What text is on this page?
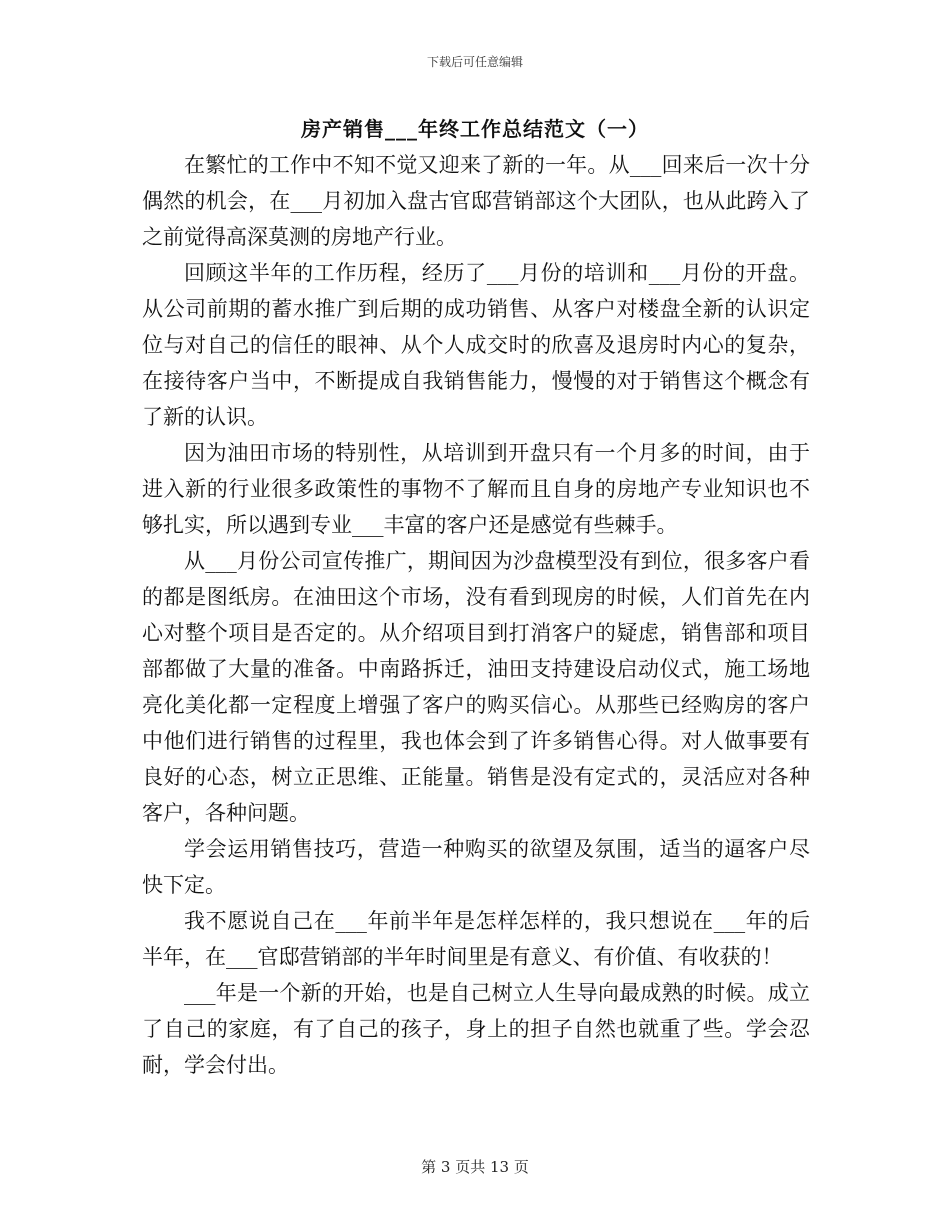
下载后可任意编辑
房产销售___年终工作总结范文（一）

在繁忙的工作中不知不觉又迎来了新的一年。从___回来后一次十分偶然的机会，在___月初加入盘古官邸营销部这个大团队，也从此跨入了之前觉得高深莫测的房地产行业。

回顾这半年的工作历程，经历了___月份的培训和___月份的开盘。从公司前期的蓄水推广到后期的成功销售、从客户对楼盘全新的认识定位与对自己的信任的眼神、从个人成交时的欣喜及退房时内心的复杂，在接待客户当中，不断提成自我销售能力，慢慢的对于销售这个概念有了新的认识。

因为油田市场的特别性，从培训到开盘只有一个月多的时间，由于进入新的行业很多政策性的事物不了解而且自身的房地产专业知识也不够扎实，所以遇到专业___丰富的客户还是感觉有些棘手。

从___月份公司宣传推广，期间因为沙盘模型没有到位，很多客户看的都是图纸房。在油田这个市场，没有看到现房的时候，人们首先在内心对整个项目是否定的。从介绍项目到打消客户的疑虑，销售部和项目部都做了大量的准备。中南路拆迁，油田支持建设启动仪式，施工场地亮化美化都一定程度上增强了客户的购买信心。从那些已经购房的客户中他们进行销售的过程里，我也体会到了许多销售心得。对人做事要有良好的心态，树立正思维、正能量。销售是没有定式的，灵活应对各种客户，各种问题。

学会运用销售技巧，营造一种购买的欲望及氛围，适当的逼客户尽快下定。

我不愿说自己在___年前半年是怎样怎样的，我只想说在___年的后半年，在___官邸营销部的半年时间里是有意义、有价值、有收获的！

___年是一个新的开始，也是自己树立人生导向最成熟的时候。成立了自己的家庭，有了自己的孩子，身上的担子自然也就重了些。学会忍耐，学会付出。

第 3 页共 13 页
